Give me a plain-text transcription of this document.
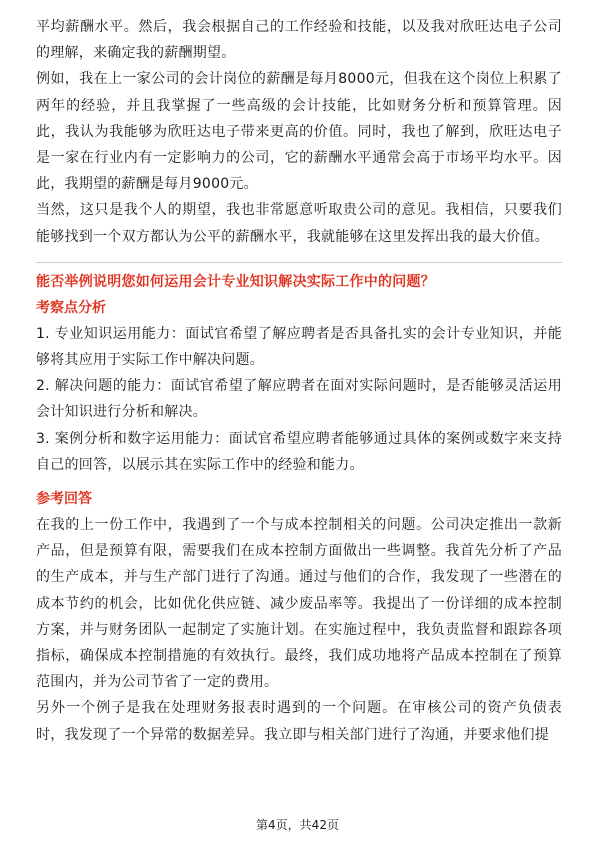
平均薪酬水平。然后，我会根据自己的工作经验和技能，以及我对欣旺达电子公司的理解，来确定我的薪酬期望。

例如，我在上一家公司的会计岗位的薪酬是每月8000元，但我在这个岗位上积累了两年的经验，并且我掌握了一些高级的会计技能，比如财务分析和预算管理。因此，我认为我能够为欣旺达电子带来更高的价值。同时，我也了解到，欣旺达电子是一家在行业内有一定影响力的公司，它的薪酬水平通常会高于市场平均水平。因此，我期望的薪酬是每月9000元。

当然，这只是我个人的期望，我也非常愿意听取贵公司的意见。我相信，只要我们能够找到一个双方都认为公平的薪酬水平，我就能够在这里发挥出我的最大价值。

能否举例说明您如何运用会计专业知识解决实际工作中的问题？

考察点分析

1. 专业知识运用能力：面试官希望了解应聘者是否具备扎实的会计专业知识，并能够将其应用于实际工作中解决问题。

2. 解决问题的能力：面试官希望了解应聘者在面对实际问题时，是否能够灵活运用会计知识进行分析和解决。

3. 案例分析和数字运用能力：面试官希望应聘者能够通过具体的案例或数字来支持自己的回答，以展示其在实际工作中的经验和能力。

参考回答

在我的上一份工作中，我遇到了一个与成本控制相关的问题。公司决定推出一款新产品，但是预算有限，需要我们在成本控制方面做出一些调整。我首先分析了产品的生产成本，并与生产部门进行了沟通。通过与他们的合作，我发现了一些潜在的成本节约的机会，比如优化供应链、减少废品率等。我提出了一份详细的成本控制方案，并与财务团队一起制定了实施计划。在实施过程中，我负责监督和跟踪各项指标，确保成本控制措施的有效执行。最终，我们成功地将产品成本控制在了预算范围内，并为公司节省了一定的费用。

另外一个例子是我在处理财务报表时遇到的一个问题。在审核公司的资产负债表时，我发现了一个异常的数据差异。我立即与相关部门进行了沟通，并要求他们提

第4页，共42页
